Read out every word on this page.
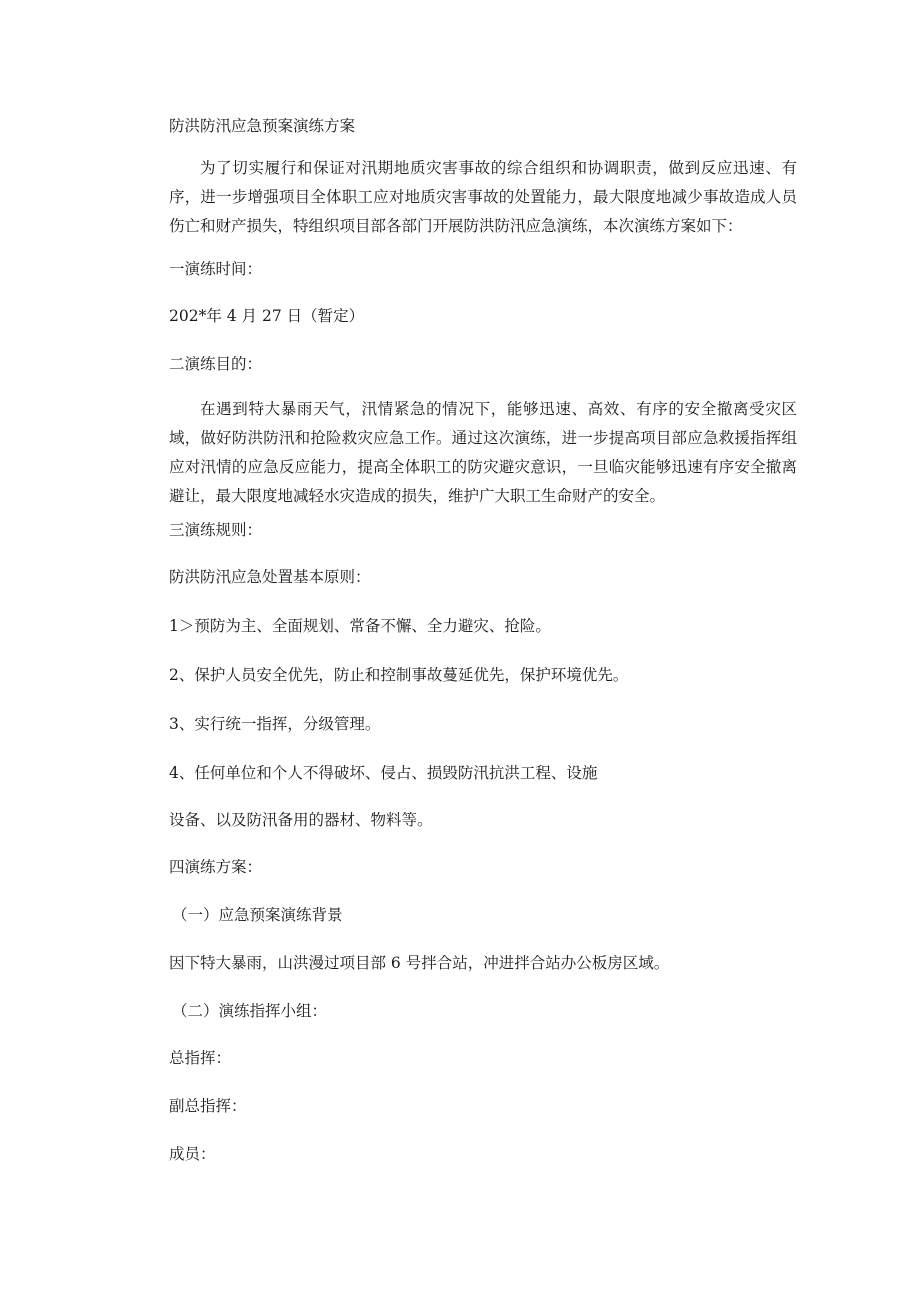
防洪防汛应急预案演练方案

为了切实履行和保证对汛期地质灾害事故的综合组织和协调职责，做到反应迅速、有序，进一步增强项目全体职工应对地质灾害事故的处置能力，最大限度地减少事故造成人员伤亡和财产损失，特组织项目部各部门开展防洪防汛应急演练，本次演练方案如下：

一演练时间：
202*年 4 月 27 日（暂定）
二演练目的：

在遇到特大暴雨天气，汛情紧急的情况下，能够迅速、高效、有序的安全撤离受灾区域，做好防洪防汛和抢险救灾应急工作。通过这次演练，进一步提高项目部应急救援指挥组应对汛情的应急反应能力，提高全体职工的防灾避灾意识，一旦临灾能够迅速有序安全撤离避让，最大限度地减轻水灾造成的损失，维护广大职工生命财产的安全。

三演练规则：
防洪防汛应急处置基本原则：
1＞预防为主、全面规划、常备不懈、全力避灾、抢险。
2、保护人员安全优先，防止和控制事故蔓延优先，保护环境优先。
3、实行统一指挥，分级管理。
4、任何单位和个人不得破坏、侵占、损毁防汛抗洪工程、设施
设备、以及防汛备用的器材、物料等。
四演练方案：
（一）应急预案演练背景
因下特大暴雨，山洪漫过项目部 6 号拌合站，冲进拌合站办公板房区域。
（二）演练指挥小组：
总指挥：
副总指挥：
成员：
